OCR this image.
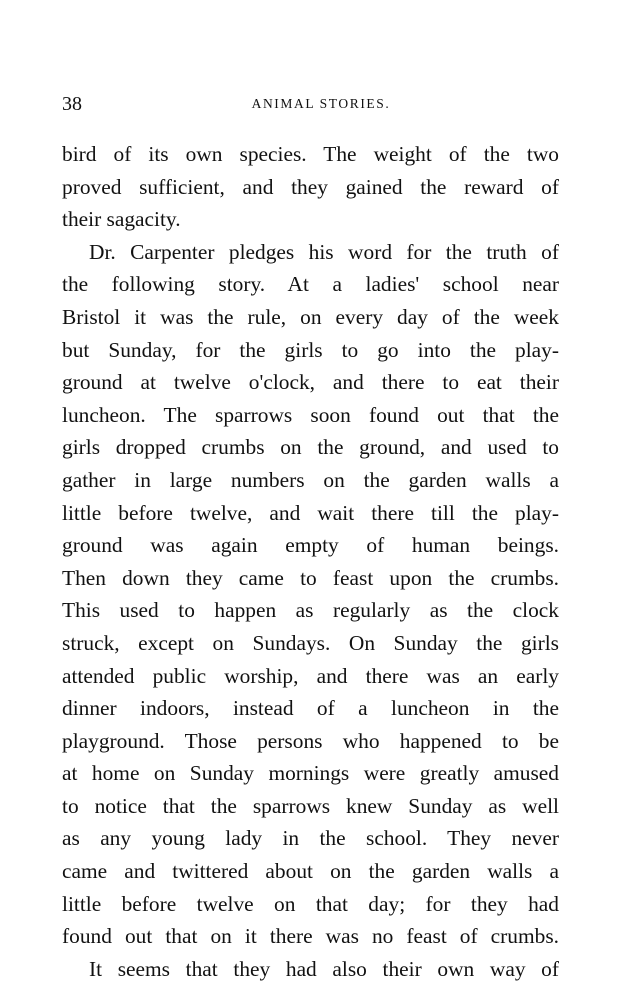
38	ANIMAL STORIES.
bird of its own species. The weight of the two
proved sufficient, and they gained the reward of
their sagacity.
Dr. Carpenter pledges his word for the truth of
the following story. At a ladies' school near
Bristol it was the rule, on every day of the week
but Sunday, for the girls to go into the play-
ground at twelve o'clock, and there to eat their
luncheon. The sparrows soon found out that the
girls dropped crumbs on the ground, and used to
gather in large numbers on the garden walls a
little before twelve, and wait there till the play-
ground was again empty of human beings.
Then down they came to feast upon the crumbs.
This used to happen as regularly as the clock
struck, except on Sundays. On Sunday the girls
attended public worship, and there was an early
dinner indoors, instead of a luncheon in the
playground. Those persons who happened to be
at home on Sunday mornings were greatly amused
to notice that the sparrows knew Sunday as well
as any young lady in the school. They never
came and twittered about on the garden walls a
little before twelve on that day; for they had
found out that on it there was no feast of crumbs.
It seems that they had also their own way of
